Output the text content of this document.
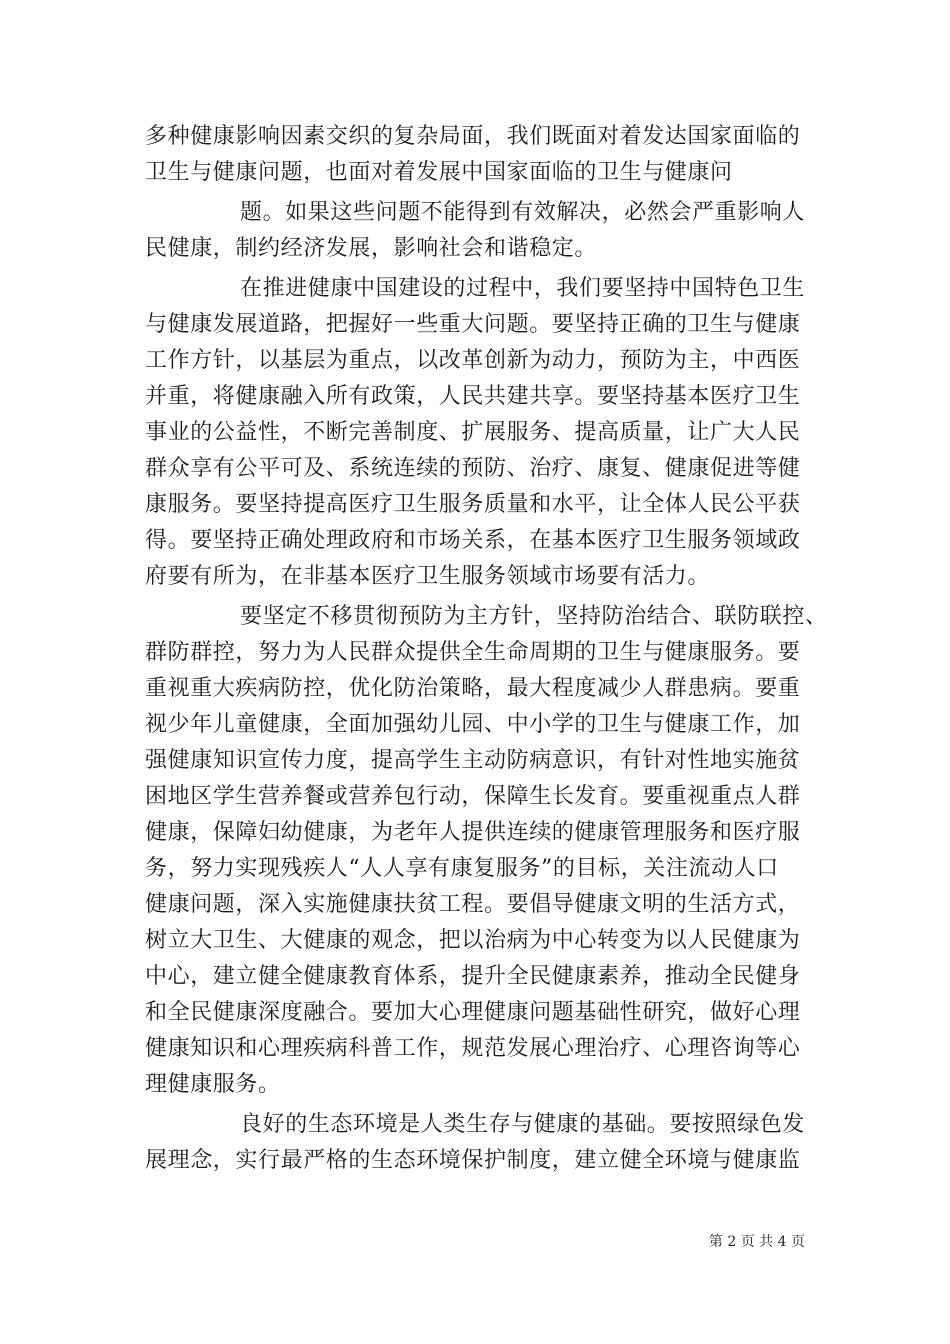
多种健康影响因素交织的复杂局面，我们既面对着发达国家面临的

卫生与健康问题，也面对着发展中国家面临的卫生与健康问

题。如果这些问题不能得到有效解决，必然会严重影响人

民健康，制约经济发展，影响社会和谐稳定。

在推进健康中国建设的过程中，我们要坚持中国特色卫生

与健康发展道路，把握好一些重大问题。要坚持正确的卫生与健康

工作方针，以基层为重点，以改革创新为动力，预防为主，中西医

并重，将健康融入所有政策，人民共建共享。要坚持基本医疗卫生

事业的公益性，不断完善制度、扩展服务、提高质量，让广大人民

群众享有公平可及、系统连续的预防、治疗、康复、健康促进等健

康服务。要坚持提高医疗卫生服务质量和水平，让全体人民公平获

得。要坚持正确处理政府和市场关系，在基本医疗卫生服务领域政

府要有所为，在非基本医疗卫生服务领域市场要有活力。

要坚定不移贯彻预防为主方针，坚持防治结合、联防联控、

群防群控，努力为人民群众提供全生命周期的卫生与健康服务。要

重视重大疾病防控，优化防治策略，最大程度减少人群患病。要重

视少年儿童健康，全面加强幼儿园、中小学的卫生与健康工作，加

强健康知识宣传力度，提高学生主动防病意识，有针对性地实施贫

困地区学生营养餐或营养包行动，保障生长发育。要重视重点人群

健康，保障妇幼健康，为老年人提供连续的健康管理服务和医疗服

务，努力实现残疾人“人人享有康复服务”的目标，关注流动人口

健康问题，深入实施健康扶贫工程。要倡导健康文明的生活方式，

树立大卫生、大健康的观念，把以治病为中心转变为以人民健康为

中心，建立健全健康教育体系，提升全民健康素养，推动全民健身

和全民健康深度融合。要加大心理健康问题基础性研究，做好心理

健康知识和心理疾病科普工作，规范发展心理治疗、心理咨询等心

理健康服务。

良好的生态环境是人类生存与健康的基础。要按照绿色发

展理念，实行最严格的生态环境保护制度，建立健全环境与健康监

第 2 页 共 4 页
